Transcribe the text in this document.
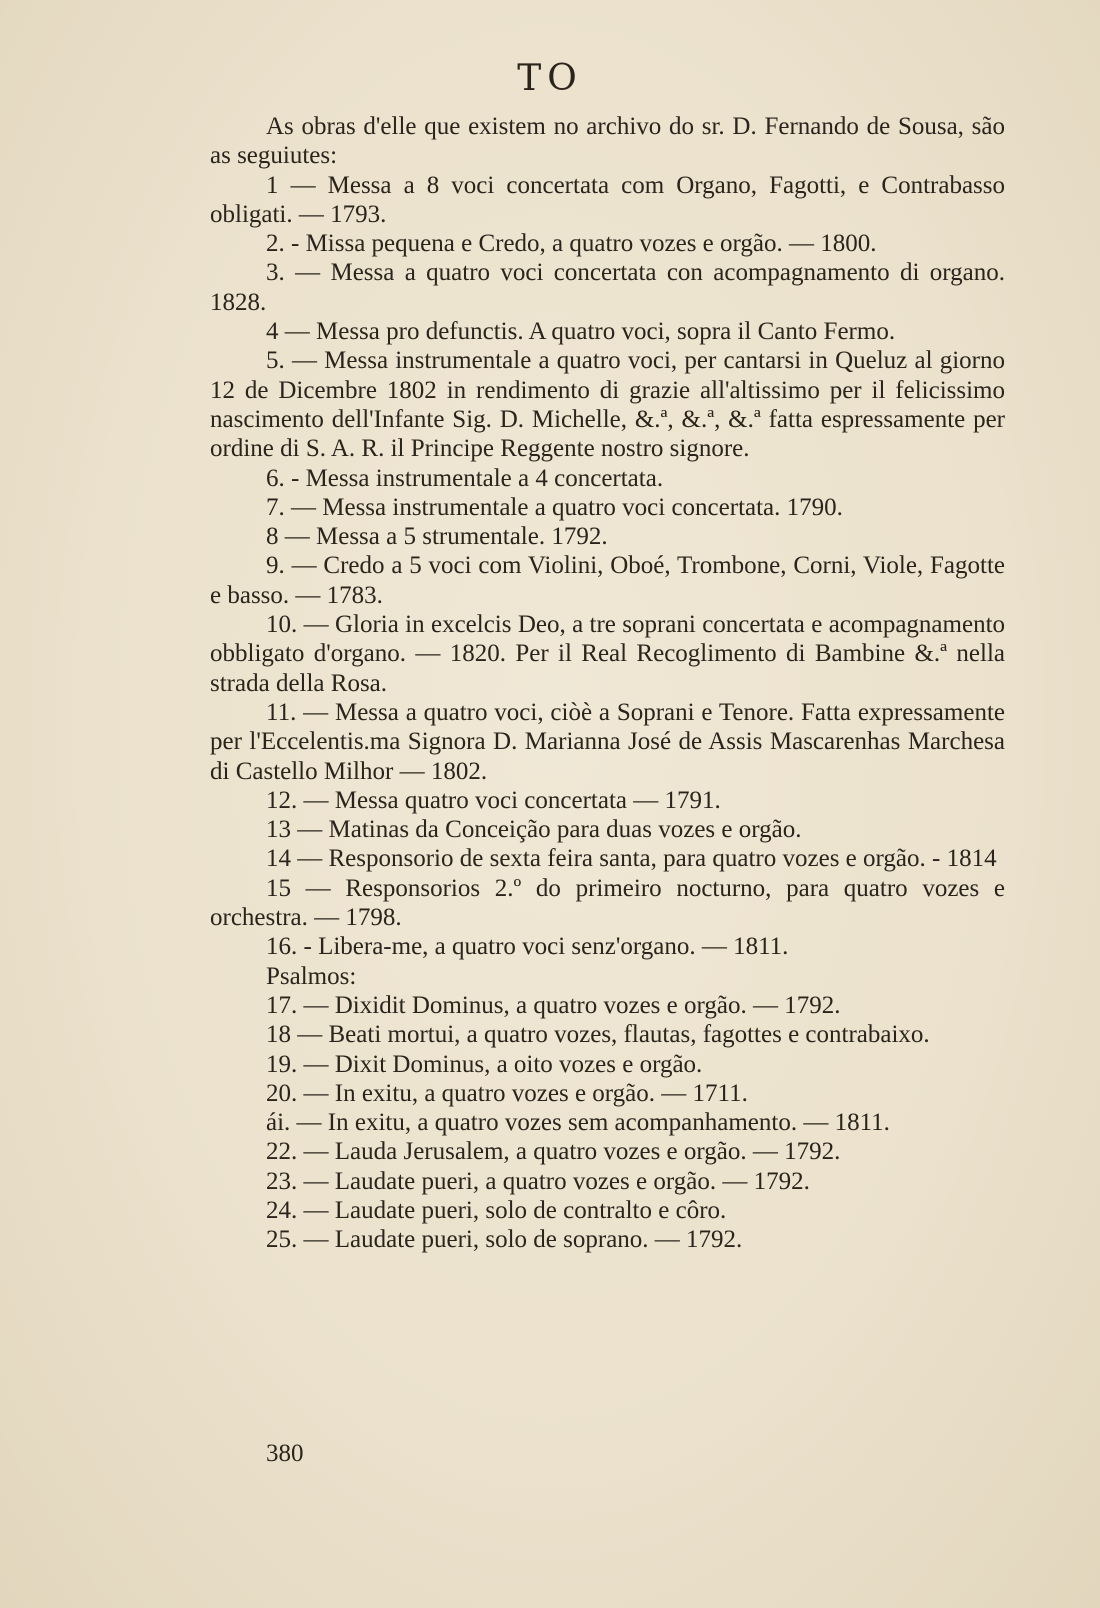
TO

As obras d'elle que existem no archivo do sr. D. Fernando de Sousa, são as seguiutes:

1 — Messa a 8 voci concertata com Organo, Fagotti, e Contrabasso obligati. — 1793.

2. - Missa pequena e Credo, a quatro vozes e orgão. — 1800.

3. — Messa a quatro voci concertata con acompagnamento di organo. 1828.

4 — Messa pro defunctis. A quatro voci, sopra il Canto Fermo.

5. — Messa instrumentale a quatro voci, per cantarsi in Queluz al giorno 12 de Dicembre 1802 in rendimento di grazie all'altissimo per il felicissimo nascimento dell'Infante Sig. D. Michelle, &.ª, &.ª, &.ª fatta espressamente per ordine di S. A. R. il Principe Reggente nostro signore.

6. - Messa instrumentale a 4 concertata.

7. — Messa instrumentale a quatro voci concertata. 1790.

8 — Messa a 5 strumentale. 1792.

9. — Credo a 5 voci com Violini, Oboé, Trombone, Corni, Viole, Fagotte e basso. — 1783.

10. — Gloria in excelcis Deo, a tre soprani concertata e acompagnamento obbligato d'organo. — 1820. Per il Real Recoglimento di Bambine &.ª nella strada della Rosa.

11. — Messa a quatro voci, ciòè a Soprani e Tenore. Fatta expressamente per l'Eccelentis.ma Signora D. Marianna José de Assis Mascarenhas Marchesa di Castello Milhor — 1802.

12. — Messa quatro voci concertata — 1791.

13 — Matinas da Conceição para duas vozes e orgão.

14 — Responsorio de sexta feira santa, para quatro vozes e orgão. - 1814

15 — Responsorios 2.º do primeiro nocturno, para quatro vozes e orchestra. — 1798.

16. - Libera-me, a quatro voci senz'organo. — 1811.

Psalmos:

17. — Dixidit Dominus, a quatro vozes e orgão. — 1792.

18 — Beati mortui, a quatro vozes, flautas, fagottes e contrabaixo.

19. — Dixit Dominus, a oito vozes e orgão.

20. — In exitu, a quatro vozes e orgão. — 1711.

ái. — In exitu, a quatro vozes sem acompanhamento. — 1811.

22. — Lauda Jerusalem, a quatro vozes e orgão. — 1792.

23. — Laudate pueri, a quatro vozes e orgão. — 1792.

24. — Laudate pueri, solo de contralto e côro.

25. — Laudate pueri, solo de soprano. — 1792.

380
